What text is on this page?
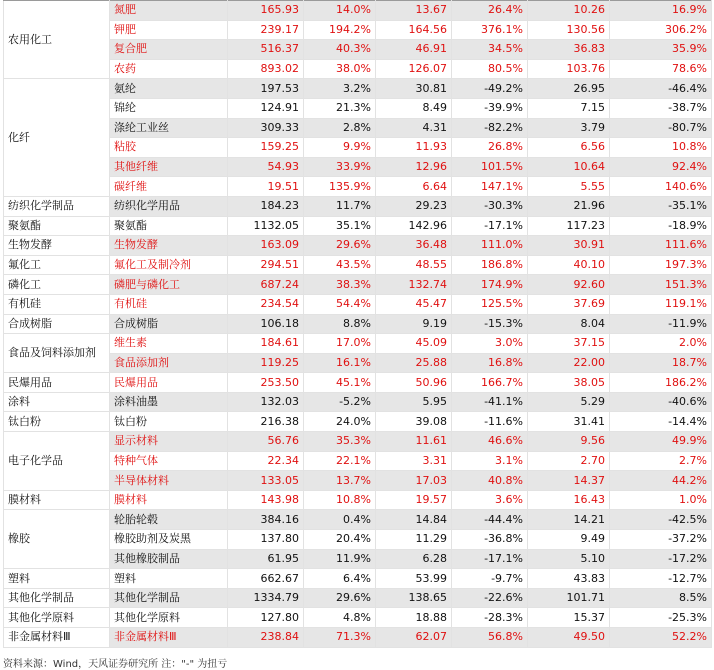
农用化工	氮肥	165.93	14.0%	13.67	26.4%	10.26	16.9%
	钾肥	239.17	194.2%	164.56	376.1%	130.56	306.2%
	复合肥	516.37	40.3%	46.91	34.5%	36.83	35.9%
	农药	893.02	38.0%	126.07	80.5%	103.76	78.6%
化纤	氨纶	197.53	3.2%	30.81	-49.2%	26.95	-46.4%
	锦纶	124.91	21.3%	8.49	-39.9%	7.15	-38.7%
	涤纶工业丝	309.33	2.8%	4.31	-82.2%	3.79	-80.7%
	粘胶	159.25	9.9%	11.93	26.8%	6.56	10.8%
	其他纤维	54.93	33.9%	12.96	101.5%	10.64	92.4%
	碳纤维	19.51	135.9%	6.64	147.1%	5.55	140.6%
纺织化学制品	纺织化学用品	184.23	11.7%	29.23	-30.3%	21.96	-35.1%
聚氨酯	聚氨酯	1132.05	35.1%	142.96	-17.1%	117.23	-18.9%
生物发酵	生物发酵	163.09	29.6%	36.48	111.0%	30.91	111.6%
氟化工	氟化工及制冷剂	294.51	43.5%	48.55	186.8%	40.10	197.3%
磷化工	磷肥与磷化工	687.24	38.3%	132.74	174.9%	92.60	151.3%
有机硅	有机硅	234.54	54.4%	45.47	125.5%	37.69	119.1%
合成树脂	合成树脂	106.18	8.8%	9.19	-15.3%	8.04	-11.9%
食品及饲料添加剂	维生素	184.61	17.0%	45.09	3.0%	37.15	2.0%
	食品添加剂	119.25	16.1%	25.88	16.8%	22.00	18.7%
民爆用品	民爆用品	253.50	45.1%	50.96	166.7%	38.05	186.2%
涂料	涂料油墨	132.03	-5.2%	5.95	-41.1%	5.29	-40.6%
钛白粉	钛白粉	216.38	24.0%	39.08	-11.6%	31.41	-14.4%
电子化学品	显示材料	56.76	35.3%	11.61	46.6%	9.56	49.9%
	特种气体	22.34	22.1%	3.31	3.1%	2.70	2.7%
	半导体材料	133.05	13.7%	17.03	40.8%	14.37	44.2%
膜材料	膜材料	143.98	10.8%	19.57	3.6%	16.43	1.0%
橡胶	轮胎轮毂	384.16	0.4%	14.84	-44.4%	14.21	-42.5%
	橡胶助剂及炭黑	137.80	20.4%	11.29	-36.8%	9.49	-37.2%
	其他橡胶制品	61.95	11.9%	6.28	-17.1%	5.10	-17.2%
塑料	塑料	662.67	6.4%	53.99	-9.7%	43.83	-12.7%
其他化学制品	其他化学制品	1334.79	29.6%	138.65	-22.6%	101.71	8.5%
其他化学原料	其他化学原料	127.80	4.8%	18.88	-28.3%	15.37	-25.3%
非金属材料Ⅲ	非金属材料Ⅲ	238.84	71.3%	62.07	56.8%	49.50	52.2%
资料来源：Wind，天风证券研究所 注："-" 为扭亏
